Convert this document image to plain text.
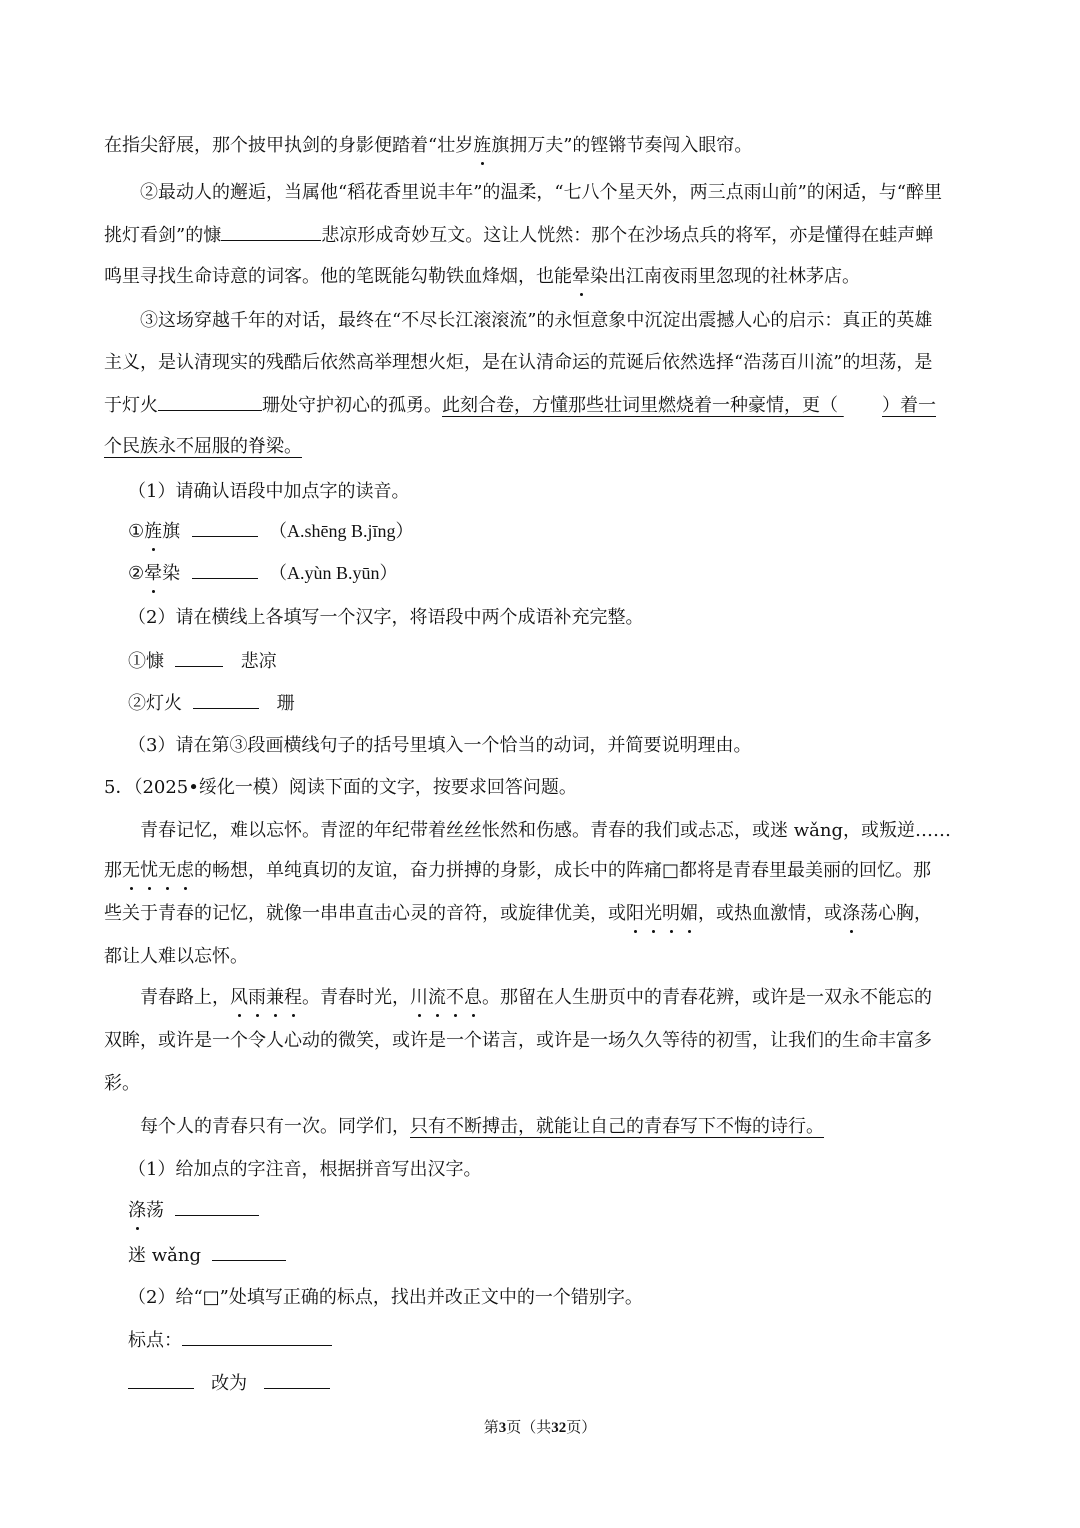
在指尖舒展，那个披甲执剑的身影便踏着“壮岁旌旗拥万夫”的铿锵节奏闯入眼帘。
②最动人的邂逅，当属他“稻花香里说丰年”的温柔，“七八个星天外，两三点雨山前”的闲适，与“醉里
挑灯看剑”的慷	悲凉形成奇妙互文。这让人恍然：那个在沙场点兵的将军，亦是懂得在蛙声蝉
鸣里寻找生命诗意的词客。他的笔既能勾勒铁血烽烟，也能晕染出江南夜雨里忽现的社林茅店。
③这场穿越千年的对话，最终在“不尽长江滚滚流”的永恒意象中沉淀出震撼人心的启示：真正的英雄
主义，是认清现实的残酷后依然高举理想火炬，是在认清命运的荒诞后依然选择“浩荡百川流”的坦荡，是
于灯火	珊处守护初心的孤勇。此刻合卷，方懂那些壮词里燃烧着一种豪情，更（ ）着一
个民族永不屈服的脊梁。
（1）请确认语段中加点字的读音。
①旌旗	（A.shēng B.jīng）
②晕染	（A.yùn B.yūn）
（2）请在横线上各填写一个汉字，将语段中两个成语补充完整。
①慷	悲凉
②灯火	珊
（3）请在第③段画横线句子的括号里填入一个恰当的动词，并简要说明理由。
5．（2025•绥化一模）阅读下面的文字，按要求回答问题。
青春记忆，难以忘怀。青涩的年纪带着丝丝怅然和伤感。青春的我们或忐忑，或迷 wǎng，或叛逆……
那无忧无虑的畅想，单纯真切的友谊，奋力拼搏的身影，成长中的阵痛□都将是青春里最美丽的回忆。那
些关于青春的记忆，就像一串串直击心灵的音符，或旋律优美，或阳光明媚，或热血激情，或涤荡心胸，
都让人难以忘怀。
青春路上，风雨兼程。青春时光，川流不息。那留在人生册页中的青春花辨，或许是一双永不能忘的
双眸，或许是一个令人心动的微笑，或许是一个诺言，或许是一场久久等待的初雪，让我们的生命丰富多
彩。
每个人的青春只有一次。同学们，只有不断搏击，就能让自己的青春写下不悔的诗行。
（1）给加点的字注音，根据拼音写出汉字。
涤荡
迷 wǎng
（2）给“□”处填写正确的标点，找出并改正文中的一个错别字。
标点：
改为
第3页（共32页）
